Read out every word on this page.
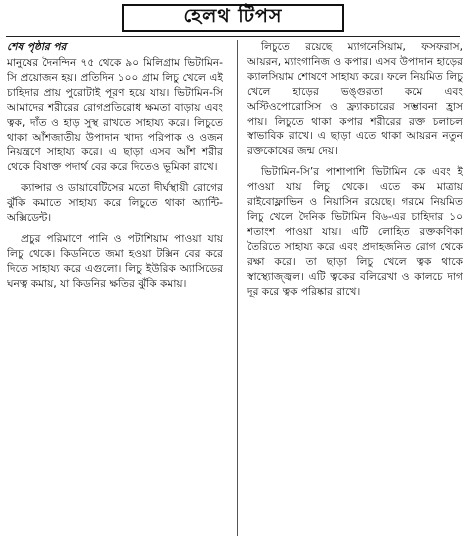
হেলথ টিপস
শেষ পৃষ্ঠার পর

মানুষের দৈনন্দিন ৭৫ থেকে ৯০ মিলিগ্রাম ভিটামিন-সি প্রয়োজন হয়। প্রতিদিন ১০০ গ্রাম লিচু খেলে এই চাহিদার প্রায় পুরোটাই পূরণ হয়ে যায়। ভিটামিন-সি আমাদের শরীরের রোগপ্রতিরোধ ক্ষমতা বাড়ায় এবং ত্বক, দাঁত ও হাড় সুস্থ রাখতে সাহায্য করে। লিচুতে থাকা আঁশজাতীয় উপাদান খাদ্য পরিপাক ও ওজন নিয়ন্ত্রণে সাহায্য করে। এ ছাড়া এসব আঁশ শরীর থেকে বিষাক্ত পদার্থ বের করে দিতেও ভূমিকা রাখে।

ক্যান্সার ও ডায়াবেটিসের মতো দীর্ঘস্থায়ী রোগের ঝুঁকি কমাতে সাহায্য করে লিচুতে থাকা অ্যান্টি-অক্সিডেন্ট।

প্রচুর পরিমাণে পানি ও পটাশিয়াম পাওয়া যায় লিচু থেকে। কিডনিতে জমা হওয়া টক্সিন বের করে দিতে সাহায্য করে এগুলো। লিচু ইউরিক অ্যাসিডের ঘনত্ব কমায়, যা কিডনির ক্ষতির ঝুঁকি কমায়।

লিচুতে রয়েছে ম্যাগনেসিয়াম, ফসফরাস, আয়রন, ম্যাংগানিজ ও কপার। এসব উপাদান হাড়ের ক্যালসিয়াম শোষণে সাহায্য করে। ফলে নিয়মিত লিচু খেলে হাড়ের ভঙ্গুরতা কমে এবং অস্টিওপোরোসিস ও ফ্র্যাকচারের সম্ভাবনা হ্রাস পায়। লিচুতে থাকা কপার শরীরের রক্ত চলাচল স্বাভাবিক রাখে। এ ছাড়া এতে থাকা আয়রন নতুন রক্তকোষের জন্ম দেয়।

ভিটামিন-সি’র পাশাপাশি ভিটামিন কে এবং ই পাওয়া যায় লিচু থেকে। এতে কম মাত্রায় রাইবোফ্লাভিন ও নিয়াসিন রয়েছে। গরমে নিয়মিত লিচু খেলে দৈনিক ভিটামিন বি৬-এর চাহিদার ১০ শতাংশ পাওয়া যায়। এটি লোহিত রক্তকণিকা তৈরিতে সাহায্য করে এবং প্রদাহজনিত রোগ থেকে রক্ষা করে। তা ছাড়া লিচু খেলে ত্বক থাকে স্বাস্থ্যোজ্জ্বল। এটি ত্বকের বলিরেখা ও কালচে দাগ দূর করে ত্বক পরিষ্কার রাখে।
